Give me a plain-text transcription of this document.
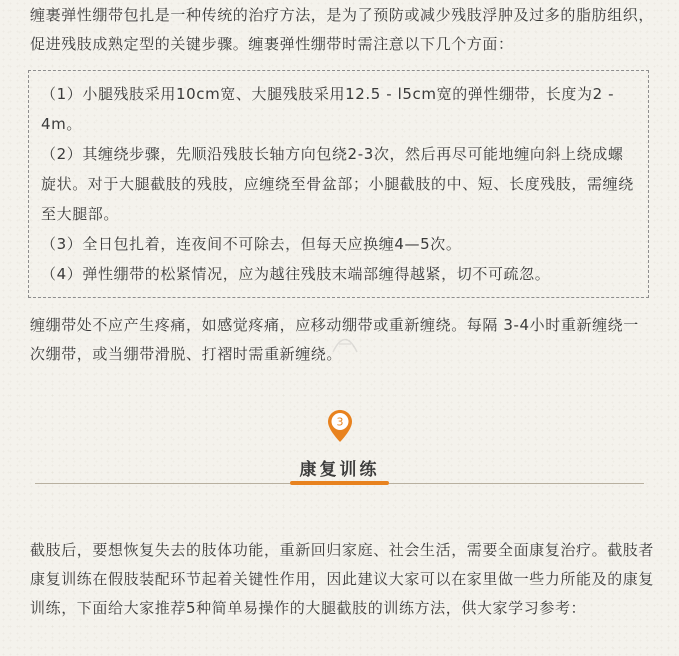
缠裹弹性绷带包扎是一种传统的治疗方法，是为了预防或减少残肢浮肿及过多的脂肪组织，促进残肢成熟定型的关键步骤。缠裹弹性绷带时需注意以下几个方面：

（1）小腿残肢采用10cm宽、大腿残肢采用12.5 - l5cm宽的弹性绷带，长度为2 - 4m。

（2）其缠绕步骤，先顺沿残肢长轴方向包绕2-3次，然后再尽可能地缠向斜上绕成螺旋状。对于大腿截肢的残肢，应缠绕至骨盆部；小腿截肢的中、短、长度残肢，需缠绕至大腿部。

（3）全日包扎着，连夜间不可除去，但每天应换缠4—5次。

（4）弹性绷带的松紧情况，应为越往残肢末端部缠得越紧，切不可疏忽。

缠绷带处不应产生疼痛，如感觉疼痛，应移动绷带或重新缠绕。每隔 3-4小时重新缠绕一次绷带，或当绷带滑脱、打褶时需重新缠绕。

3
康复训练

截肢后，要想恢复失去的肢体功能，重新回归家庭、社会生活，需要全面康复治疗。截肢者康复训练在假肢装配环节起着关键性作用，因此建议大家可以在家里做一些力所能及的康复训练，下面给大家推荐5种简单易操作的大腿截肢的训练方法，供大家学习参考：
